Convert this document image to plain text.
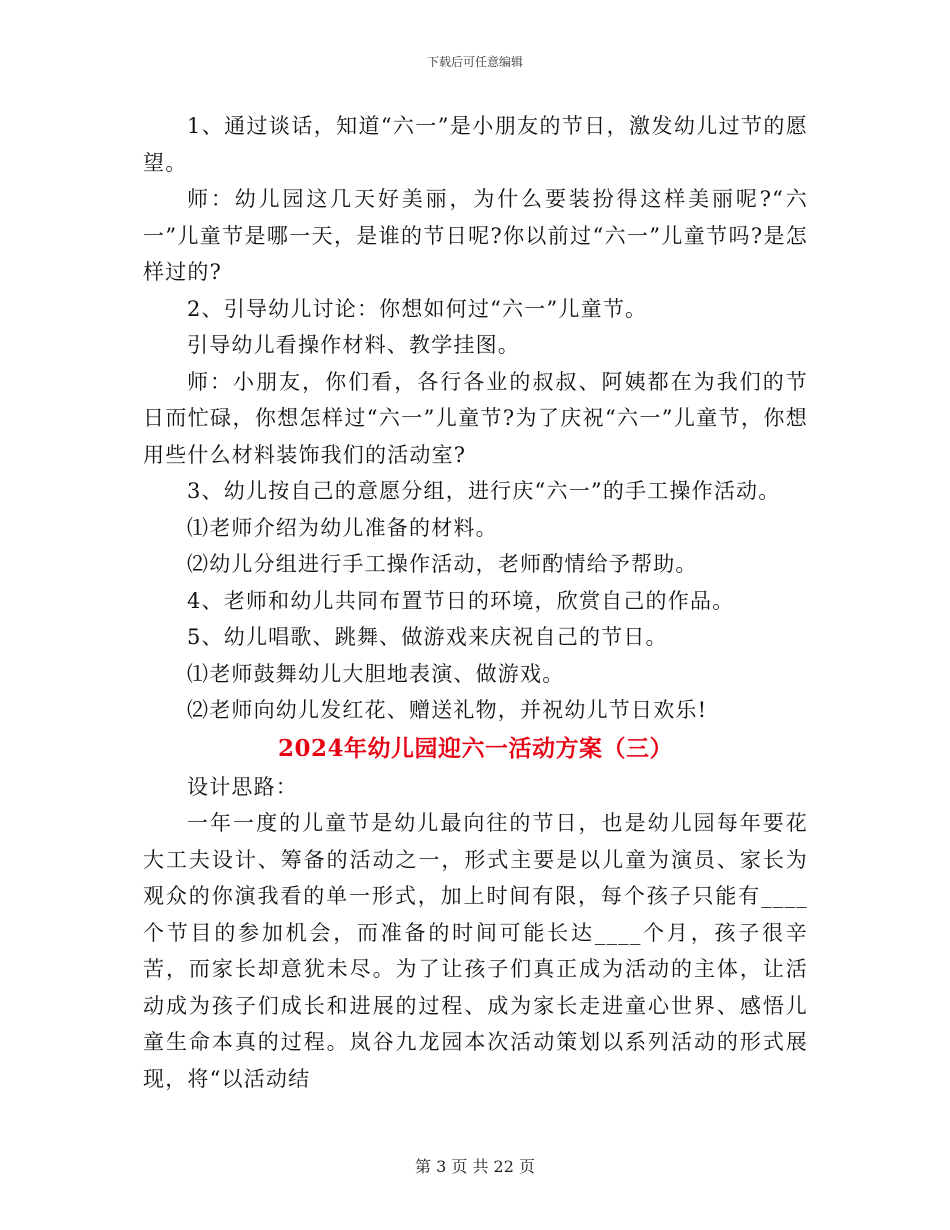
下载后可任意编辑

1、通过谈话，知道“六一”是小朋友的节日，激发幼儿过节的愿望。

师：幼儿园这几天好美丽，为什么要装扮得这样美丽呢?“六一”儿童节是哪一天，是谁的节日呢?你以前过“六一”儿童节吗?是怎样过的?

2、引导幼儿讨论：你想如何过“六一”儿童节。

引导幼儿看操作材料、教学挂图。

师：小朋友，你们看，各行各业的叔叔、阿姨都在为我们的节日而忙碌，你想怎样过“六一”儿童节?为了庆祝“六一”儿童节，你想用些什么材料装饰我们的活动室?

3、幼儿按自己的意愿分组，进行庆“六一”的手工操作活动。

⑴老师介绍为幼儿准备的材料。

⑵幼儿分组进行手工操作活动，老师酌情给予帮助。

4、老师和幼儿共同布置节日的环境，欣赏自己的作品。

5、幼儿唱歌、跳舞、做游戏来庆祝自己的节日。

⑴老师鼓舞幼儿大胆地表演、做游戏。

⑵老师向幼儿发红花、赠送礼物，并祝幼儿节日欢乐!

2024年幼儿园迎六一活动方案（三）

设计思路：

一年一度的儿童节是幼儿最向往的节日，也是幼儿园每年要花大工夫设计、筹备的活动之一，形式主要是以儿童为演员、家长为观众的你演我看的单一形式，加上时间有限，每个孩子只能有____个节目的参加机会，而准备的时间可能长达____个月，孩子很辛苦，而家长却意犹未尽。为了让孩子们真正成为活动的主体，让活动成为孩子们成长和进展的过程、成为家长走进童心世界、感悟儿童生命本真的过程。岚谷九龙园本次活动策划以系列活动的形式展现，将“以活动结

第 3 页 共 22 页
